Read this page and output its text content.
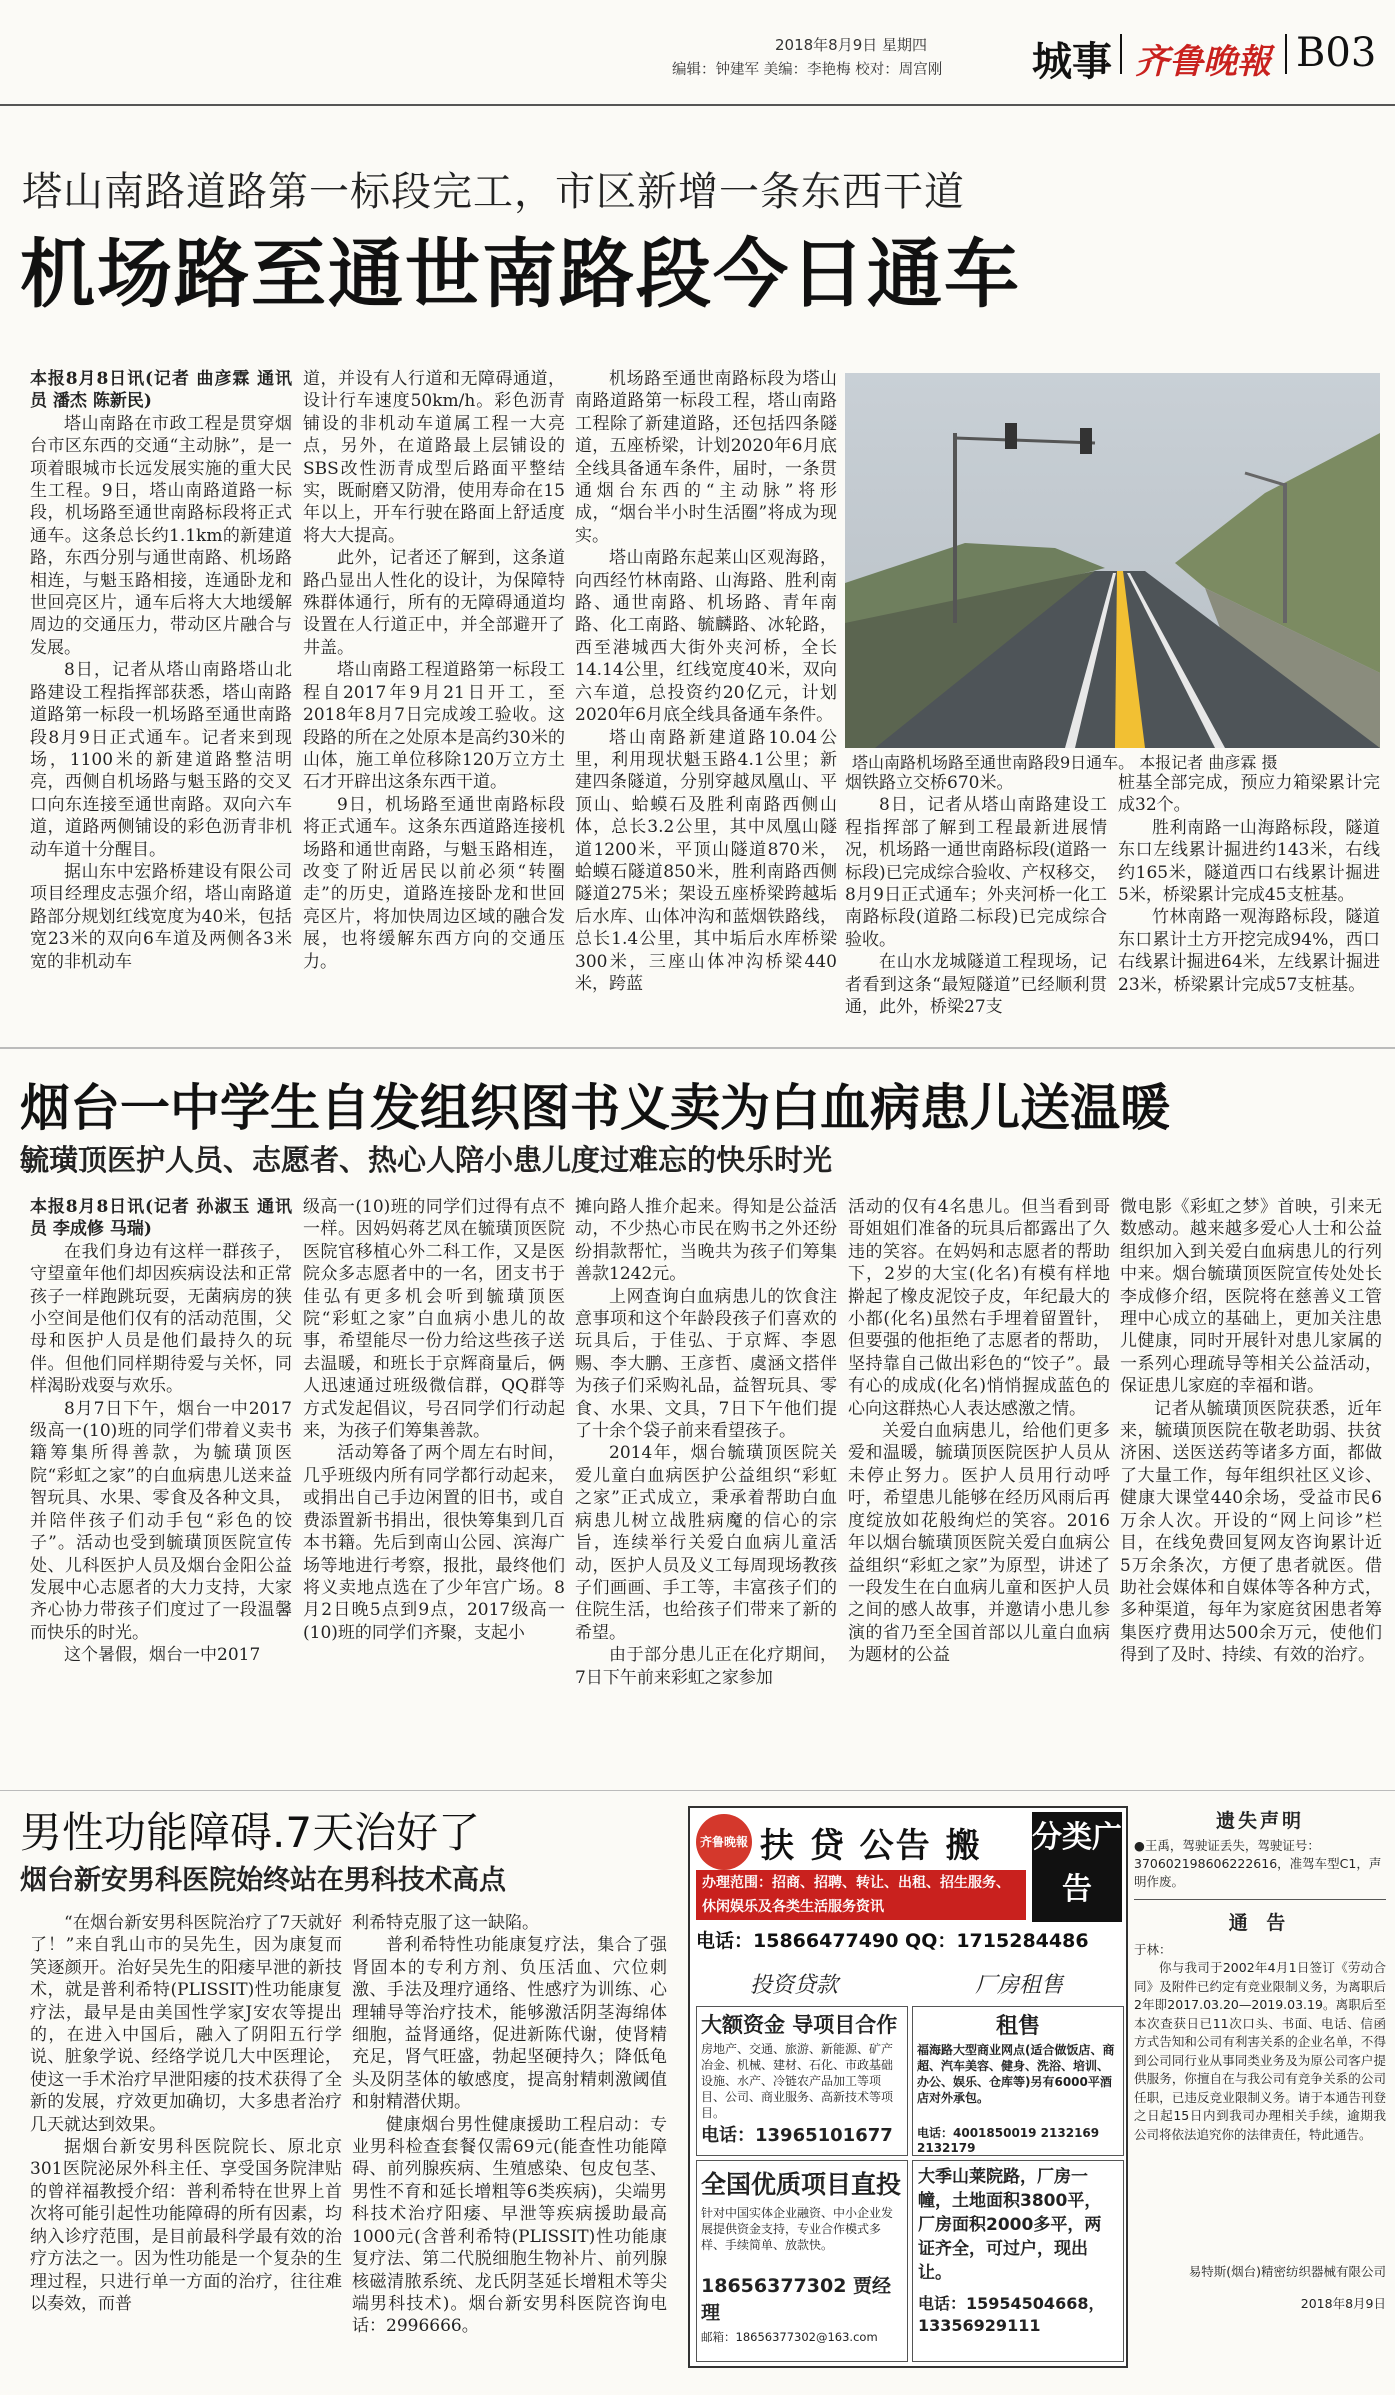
2018年8月9日 星期四
编辑：钟建军 美编：李艳梅 校对：周宫刚 城事 齐鲁晚報 B03
塔山南路道路第一标段完工，市区新增一条东西干道
机场路至通世南路段今日通车

本报8月8日讯(记者 曲彦霖 通讯员 潘杰 陈新民)

塔山南路在市政工程是贯穿烟台市区东西的交通“主动脉”，是一项着眼城市长远发展实施的重大民生工程。9日，塔山南路道路一标段，机场路至通世南路标段将正式通车。这条总长约1.1km的新建道路，东西分别与通世南路、机场路相连，与魁玉路相接，连通卧龙和世回亮区片，通车后将大大地缓解周边的交通压力，带动区片融合与发展。

8日，记者从塔山南路塔山北路建设工程指挥部获悉，塔山南路道路第一标段一机场路至通世南路段8月9日正式通车。记者来到现场，1100米的新建道路整洁明亮，西侧自机场路与魁玉路的交叉口向东连接至通世南路。双向六车道，道路两侧铺设的彩色沥青非机动车道十分醒目。

据山东中宏路桥建设有限公司项目经理皮志强介绍，塔山南路道路部分规划红线宽度为40米，包括宽23米的双向6车道及两侧各3米宽的非机动车

道，并设有人行道和无障碍通道，设计行车速度50km/h。彩色沥青铺设的非机动车道属工程一大亮点，另外，在道路最上层铺设的SBS改性沥青成型后路面平整结实，既耐磨又防滑，使用寿命在15年以上，开车行驶在路面上舒适度将大大提高。

此外，记者还了解到，这条道路凸显出人性化的设计，为保障特殊群体通行，所有的无障碍通道均设置在人行道正中，并全部避开了井盖。

塔山南路工程道路第一标段工程自2017年9月21日开工，至2018年8月7日完成竣工验收。这段路的所在之处原本是高约30米的山体，施工单位移除120万立方土石才开辟出这条东西干道。

9日，机场路至通世南路标段将正式通车。这条东西道路连接机场路和通世南路，与魁玉路相连，改变了附近居民以前必须“转圈走”的历史，道路连接卧龙和世回亮区片，将加快周边区域的融合发展，也将缓解东西方向的交通压力。

机场路至通世南路标段为塔山南路道路第一标段工程，塔山南路工程除了新建道路，还包括四条隧道，五座桥梁，计划2020年6月底全线具备通车条件，届时，一条贯通烟台东西的“主动脉”将形成，“烟台半小时生活圈”将成为现实。

塔山南路东起莱山区观海路，向西经竹林南路、山海路、胜利南路、通世南路、机场路、青年南路、化工南路、毓麟路、冰轮路，西至港城西大街外夹河桥，全长14.14公里，红线宽度40米，双向六车道，总投资约20亿元，计划2020年6月底全线具备通车条件。

塔山南路新建道路10.04公里，利用现状魁玉路4.1公里；新建四条隧道，分别穿越凤凰山、平顶山、蛤蟆石及胜利南路西侧山体，总长3.2公里，其中凤凰山隧道1200米，平顶山隧道870米，蛤蟆石隧道850米，胜利南路西侧隧道275米；架设五座桥梁跨越垢后水库、山体冲沟和蓝烟铁路线，总长1.4公里，其中垢后水库桥梁300米，三座山体冲沟桥梁440米，跨蓝

塔山南路机场路至通世南路段9日通车。 本报记者 曲彦霖 摄

烟铁路立交桥670米。

8日，记者从塔山南路建设工程指挥部了解到工程最新进展情况，机场路一通世南路标段(道路一标段)已完成综合验收、产权移交，8月9日正式通车；外夹河桥一化工南路标段(道路二标段)已完成综合验收。

在山水龙城隧道工程现场，记者看到这条“最短隧道”已经顺利贯通，此外，桥梁27支

桩基全部完成，预应力箱梁累计完成32个。

胜利南路一山海路标段，隧道东口左线累计掘进约143米，右线约165米，隧道西口右线累计掘进5米，桥梁累计完成45支桩基。

竹林南路一观海路标段，隧道东口累计土方开挖完成94%，西口右线累计掘进64米，左线累计掘进23米，桥梁累计完成57支桩基。

烟台一中学生自发组织图书义卖为白血病患儿送温暖
毓璜顶医护人员、志愿者、热心人陪小患儿度过难忘的快乐时光

本报8月8日讯(记者 孙淑玉 通讯员 李成修 马瑞)

在我们身边有这样一群孩子，守望童年他们却因疾病设法和正常孩子一样跑跳玩耍，无菌病房的狭小空间是他们仅有的活动范围，父母和医护人员是他们最持久的玩伴。但他们同样期待爱与关怀，同样渴盼戏耍与欢乐。

8月7日下午，烟台一中2017级高一(10)班的同学们带着义卖书籍筹集所得善款，为毓璜顶医院“彩虹之家”的白血病患儿送来益智玩具、水果、零食及各种文具，并陪伴孩子们动手包“彩色的饺子”。活动也受到毓璜顶医院宣传处、儿科医护人员及烟台金阳公益发展中心志愿者的大力支持，大家齐心协力带孩子们度过了一段温馨而快乐的时光。

这个暑假，烟台一中2017

级高一(10)班的同学们过得有点不一样。因妈妈蒋艺凤在毓璜顶医院医院官移植心外二科工作，又是医院众多志愿者中的一名，团支书于佳弘有更多机会听到毓璜顶医院“彩虹之家”白血病小患儿的故事，希望能尽一份力给这些孩子送去温暖，和班长于京辉商量后，俩人迅速通过班级微信群，QQ群等方式发起倡议，号召同学们行动起来，为孩子们筹集善款。

活动筹备了两个周左右时间，几乎班级内所有同学都行动起来，或捐出自己手边闲置的旧书，或自费添置新书捐出，很快筹集到几百本书籍。先后到南山公园、滨海广场等地进行考察，报批，最终他们将义卖地点选在了少年宫广场。8月2日晚5点到9点，2017级高一(10)班的同学们齐聚，支起小

摊向路人推介起来。得知是公益活动，不少热心市民在购书之外还纷纷捐款帮忙，当晚共为孩子们筹集善款1242元。

上网查询白血病患儿的饮食注意事项和这个年龄段孩子们喜欢的玩具后，于佳弘、于京辉、李恩赐、李大鹏、王彦哲、虞涵文搭伴为孩子们采购礼品，益智玩具、零食、水果、文具，7日下午他们提了十余个袋子前来看望孩子。

2014年，烟台毓璜顶医院关爱儿童白血病医护公益组织“彩虹之家”正式成立，秉承着帮助白血病患儿树立战胜病魔的信心的宗旨，连续举行关爱白血病儿童活动，医护人员及义工每周现场教孩子们画画、手工等，丰富孩子们的住院生活，也给孩子们带来了新的希望。

由于部分患儿正在化疗期间，7日下午前来彩虹之家参加

活动的仅有4名患儿。但当看到哥哥姐姐们准备的玩具后都露出了久违的笑容。在妈妈和志愿者的帮助下，2岁的大宝(化名)有模有样地擀起了橡皮泥饺子皮，年纪最大的小都(化名)虽然右手埋着留置针，但要强的他拒绝了志愿者的帮助，坚持靠自己做出彩色的“饺子”。最有心的成成(化名)悄悄握成蓝色的心向这群热心人表达感激之情。

关爱白血病患儿，给他们更多爱和温暖，毓璜顶医院医护人员从未停止努力。医护人员用行动呼吁，希望患儿能够在经历风雨后再度绽放如花般绚烂的笑容。2016年以烟台毓璜顶医院关爱白血病公益组织“彩虹之家”为原型，讲述了一段发生在白血病儿童和医护人员之间的感人故事，并邀请小患儿参演的省乃至全国首部以儿童白血病为题材的公益

微电影《彩虹之梦》首映，引来无数感动。越来越多爱心人士和公益组织加入到关爱白血病患儿的行列中来。烟台毓璜顶医院宣传处处长李成修介绍，医院将在慈善义工管理中心成立的基础上，更加关注患儿健康，同时开展针对患儿家属的一系列心理疏导等相关公益活动，保证患儿家庭的幸福和谐。

记者从毓璜顶医院获悉，近年来，毓璜顶医院在敬老助弱、扶贫济困、送医送药等诸多方面，都做了大量工作，每年组织社区义诊、健康大课堂440余场，受益市民6万余人次。开设的“网上问诊”栏目，在线免费回复网友咨询累计近5万余条次，方便了患者就医。借助社会媒体和自媒体等各种方式，多种渠道，每年为家庭贫困患者筹集医疗费用达500余万元，使他们得到了及时、持续、有效的治疗。

男性功能障碍.7天治好了
烟台新安男科医院始终站在男科技术高点

“在烟台新安男科医院治疗了7天就好了！”来自乳山市的吴先生，因为康复而笑逐颜开。治好吴先生的阳痿早泄的新技术，就是普利希特(PLISSIT)性功能康复疗法，最早是由美国性学家J安农等提出的，在进入中国后，融入了阴阳五行学说、脏象学说、经络学说几大中医理论，使这一手术治疗早泄阳痿的技术获得了全新的发展，疗效更加确切，大多患者治疗几天就达到效果。

据烟台新安男科医院院长、原北京301医院泌尿外科主任、享受国务院津贴的曾祥福教授介绍：普利希特在世界上首次将可能引起性功能障碍的所有因素，均纳入诊疗范围，是目前最科学最有效的治疗方法之一。因为性功能是一个复杂的生理过程，只进行单一方面的治疗，往往难以奏效，而普

利希特克服了这一缺陷。

普利希特性功能康复疗法，集合了强肾固本的专利方剂、负压活血、穴位刺激、手法及理疗通络、性感疗为训练、心理辅导等治疗技术，能够激活阴茎海绵体细胞，益肾通络，促进新陈代谢，使肾精充足，肾气旺盛，勃起坚硬持久；降低龟头及阴茎体的敏感度，提高射精刺激阈值和射精潜伏期。

健康烟台男性健康援助工程启动：专业男科检查套餐仅需69元(能查性功能障碍、前列腺疾病、生殖感染、包皮包茎、男性不育和延长增粗等6类疾病)，尖端男科技术治疗阳痿、早泄等疾病援助最高1000元(含普利希特(PLISSIT)性功能康复疗法、第二代脱细胞生物补片、前列腺核磁清脓系统、龙氏阴茎延长增粗术等尖端男科技术)。烟台新安男科医院咨询电话：2996666。

齐鲁晚報 扶 贷 公告 搬	分类广告
办理范围：招商、招聘、转让、出租、招生服务、休闲娱乐及各类生活服务资讯
电话：15866477490 QQ：1715284486
投资贷款	厂房租售
大额资金 导项目合作
房地产、交通、旅游、新能源、矿产冶金、机械、建材、石化、市政基础设施、水产、冷链农产品加工等项目、公司、商业服务、高新技术等项目。
电话：13965101677
租售
福海路大型商业网点(适合做饭店、商超、汽车美容、健身、洗浴、培训、办公、娱乐、仓库等)另有6000平酒店对外承包。
电话：4001850019 2132169 2132179
全国优质项目直投
针对中国实体企业融资、中小企业发展提供资金支持，专业合作模式多样、手续简单、放款快。
18656377302 贾经理
邮箱：18656377302@163.com
大季山莱院路，厂房一幢，土地面积3800平，厂房面积2000多平，两证齐全，可过户，现出让。
电话：15954504668，13356929111
遗失声明
●王禹，驾驶证丢失，驾驶证号：370602198606222616，准驾车型C1，声明作废。
通 告
于林：
你与我司于2002年4月1日签订《劳动合同》及附件已约定有竞业限制义务，为离职后2年即2017.03.20—2019.03.19。离职后至本次查获日已11次口头、书面、电话、信函方式告知和公司有利害关系的企业名单，不得到公司同行业从事同类业务及为原公司客户提供服务，你擅自在与我公司有竞争关系的公司任职，已违反竞业限制义务。请于本通告刊登之日起15日内到我司办理相关手续，逾期我公司将依法追究你的法律责任，特此通告。
易特斯(烟台)精密纺织器械有限公司
2018年8月9日
